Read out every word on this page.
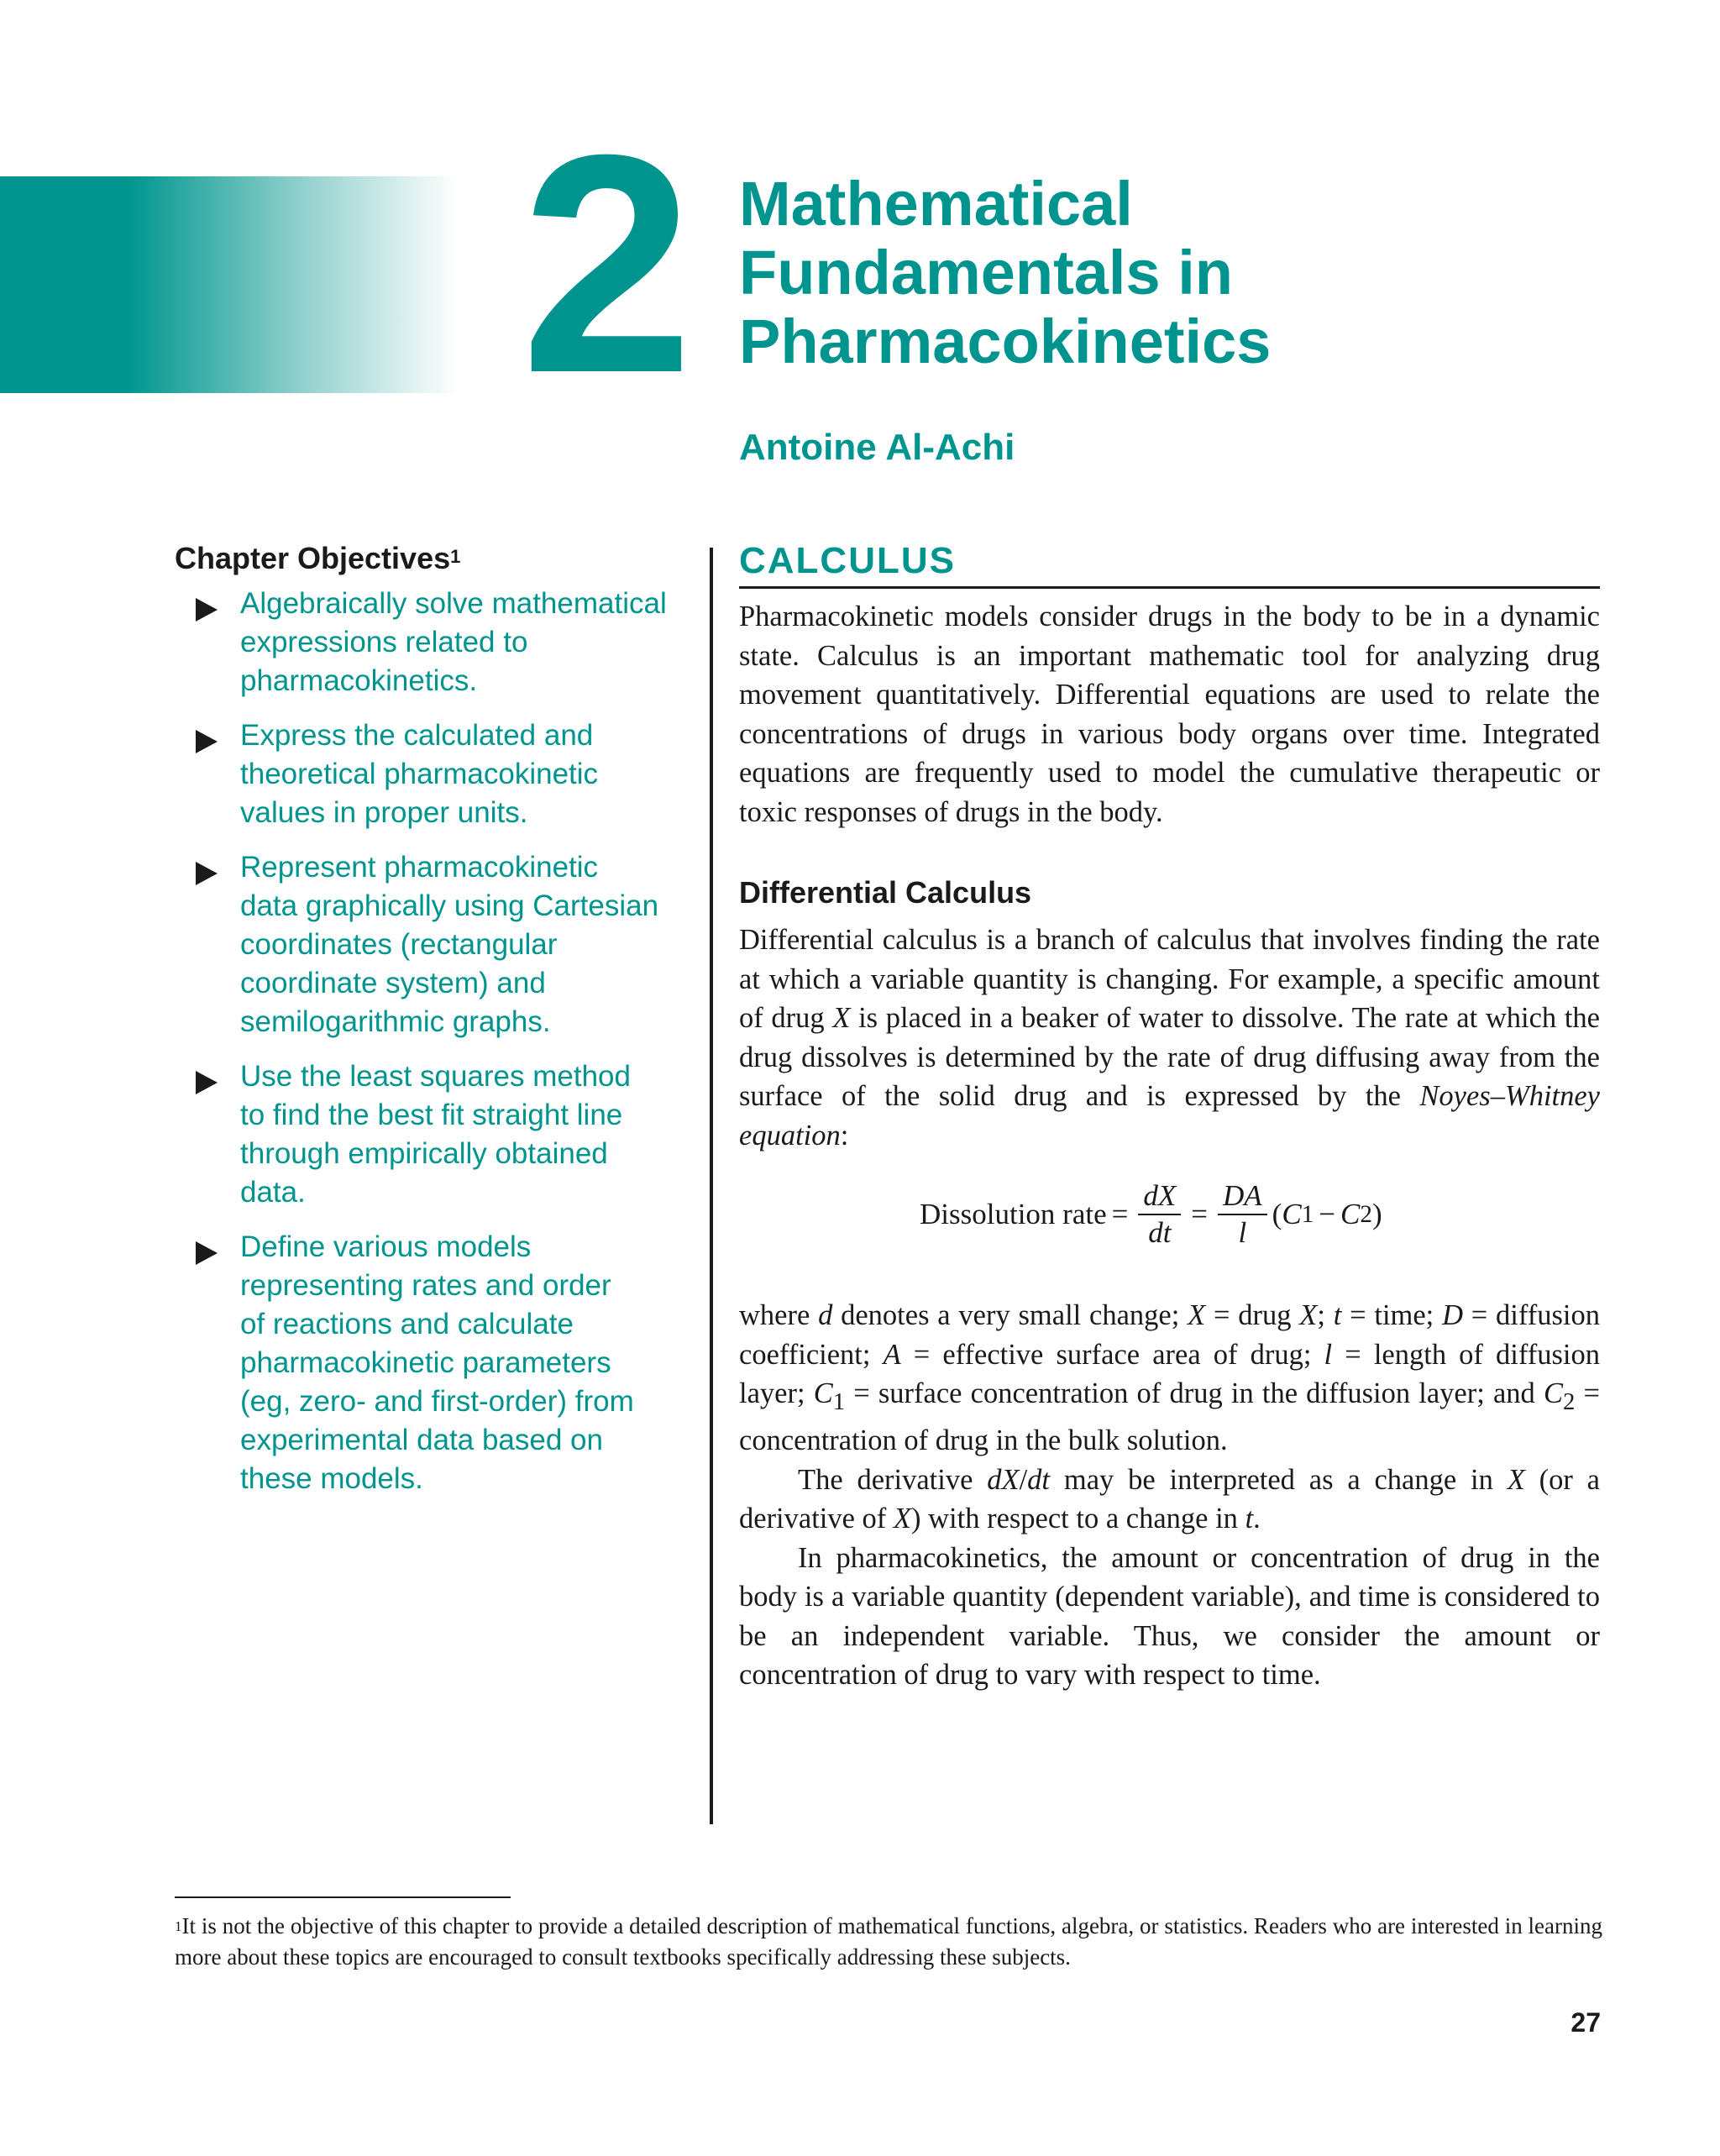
2 Mathematical
Fundamentals in
Pharmacokinetics
Antoine Al-Achi
Chapter Objectives$^1$
Algebraically solve mathematical
expressions related to
pharmacokinetics.
Express the calculated and
theoretical pharmacokinetic
values in proper units.
Represent pharmacokinetic
data graphically using Cartesian
coordinates (rectangular
coordinate system) and
semilogarithmic graphs.
Use the least squares method
to find the best fit straight line
through empirically obtained
data.
Define various models
representing rates and order
of reactions and calculate
pharmacokinetic parameters
(eg, zero- and first-order) from
experimental data based on
these models.
CALCULUS

Pharmacokinetic models consider drugs in the body to be in a dynamic state. Calculus is an important mathematic tool for analyzing drug movement quantitatively. Differential equations are used to relate the concentrations of drugs in various body organs over time. Integrated equations are frequently used to model the cumulative therapeutic or toxic responses of drugs in the body.

Differential Calculus

Differential calculus is a branch of calculus that involves finding the rate at which a variable quantity is changing. For example, a specific amount of drug X is placed in a beaker of water to dissolve. The rate at which the drug dissolves is determined by the rate of drug diffusing away from the surface of the solid drug and is expressed by the Noyes–Whitney equation:

Dissolution rate = $\frac{dX}{dt} = \frac{DA}{l}$ ( C 1 − C 2 )

where d denotes a very small change; X = drug X; t = time; D = diffusion coefficient; A = effective surface area of drug; l = length of diffusion layer; $C_1$ = surface concentration of drug in the diffusion layer; and $C_2$ = concentration of drug in the bulk solution.

The derivative dX/dt may be interpreted as a change in X (or a derivative of X) with respect to a change in t.

In pharmacokinetics, the amount or concentration of drug in the body is a variable quantity (dependent variable), and time is considered to be an independent variable. Thus, we consider the amount or concentration of drug to vary with respect to time.

$^1$It is not the objective of this chapter to provide a detailed description of mathematical functions, algebra, or statistics. Readers who are interested in learning more about these topics are encouraged to consult textbooks specifically addressing these subjects.
27
